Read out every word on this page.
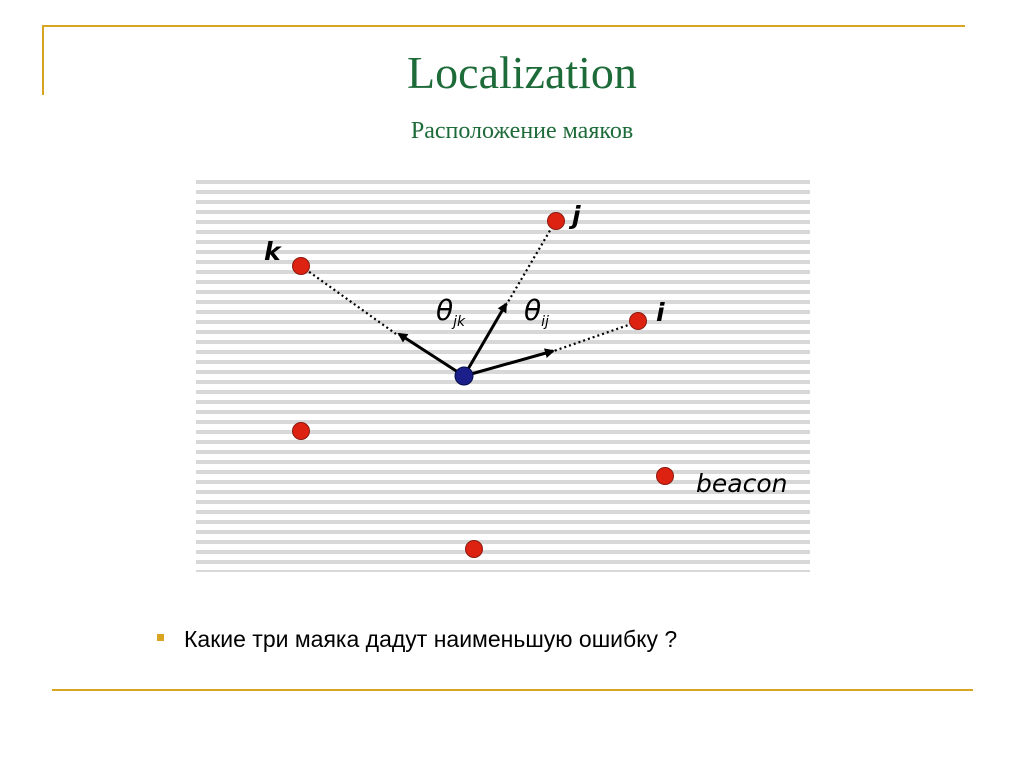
Localization
Расположение маяков
k
j
i
$\theta_{jk}$ $\theta_{ij}$
beacon
Какие три маяка дадут наименьшую ошибку ?
